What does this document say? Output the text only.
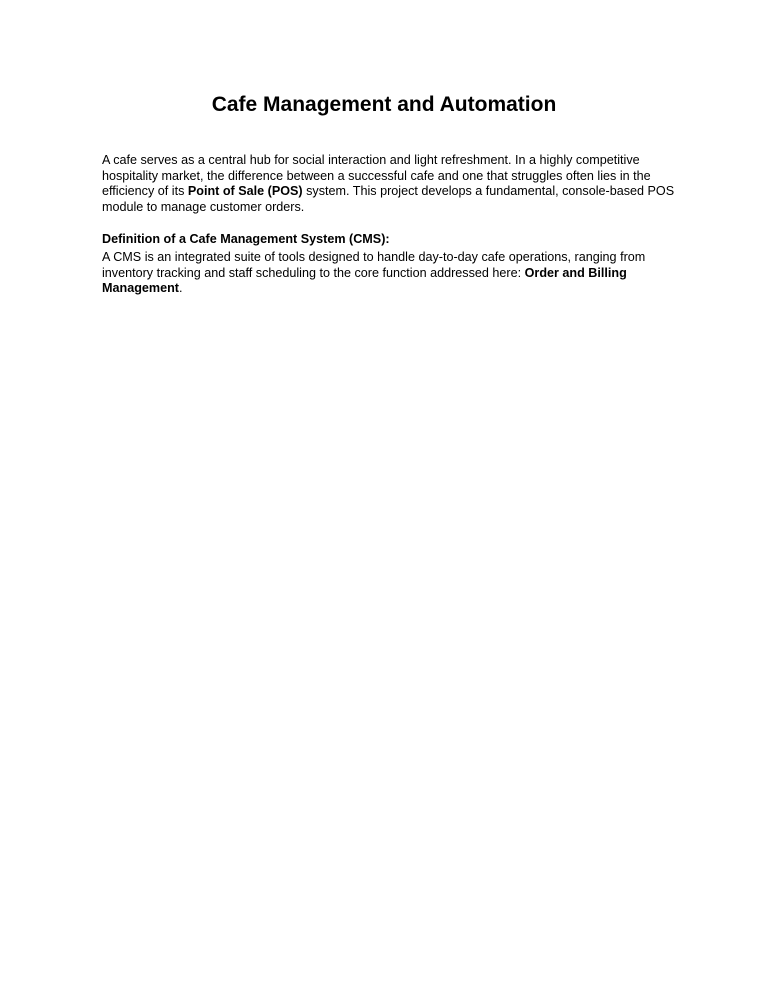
Cafe Management and Automation

A cafe serves as a central hub for social interaction and light refreshment. In a highly competitive hospitality market, the difference between a successful cafe and one that struggles often lies in the efficiency of its Point of Sale (POS) system. This project develops a fundamental, console-based POS module to manage customer orders.

Definition of a Cafe Management System (CMS):

A CMS is an integrated suite of tools designed to handle day-to-day cafe operations, ranging from inventory tracking and staff scheduling to the core function addressed here: Order and Billing Management.
